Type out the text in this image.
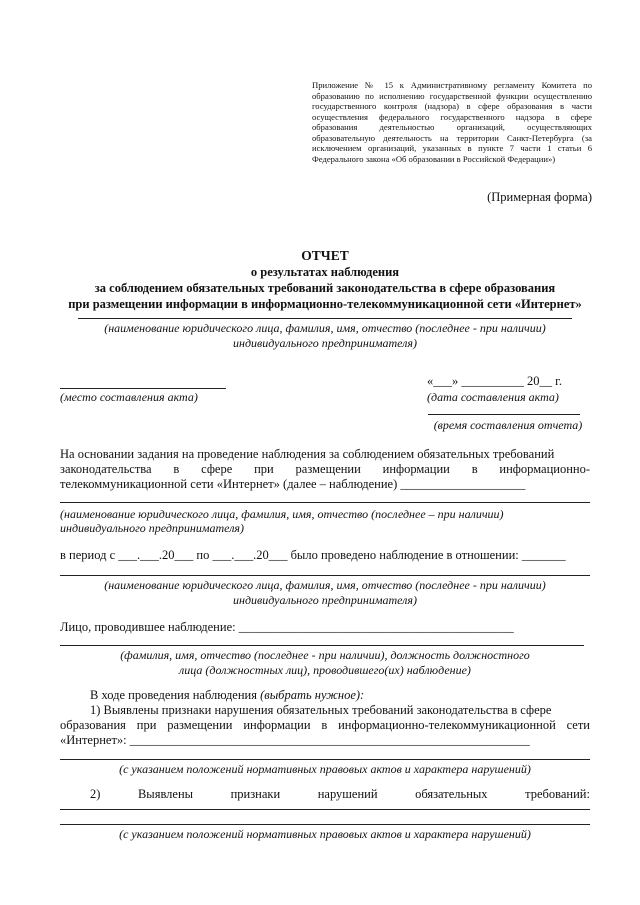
Приложение № 15 к Административному регламенту Комитета по образованию по исполнению государственной функции осуществлению государственного контроля (надзора) в сфере образования в части осуществления федерального государственного надзора в сфере образования деятельностью организаций, осуществляющих образовательную деятельность на территории Санкт-Петербурга (за исключением организаций, указанных в пункте 7 части 1 статьи 6 Федерального закона «Об образовании в Российской Федерации»)
(Примерная форма)
ОТЧЕТ
о результатах наблюдения
за соблюдением обязательных требований законодательства в сфере образования
при размещении информации в информационно-телекоммуникационной сети «Интернет»
(наименование юридического лица, фамилия, имя, отчество (последнее - при наличии)
индивидуального предпринимателя)
(место составления акта)
«___» __________ 20__ г.
(дата составления акта)
(время составления отчета)
На основании задания на проведение наблюдения за соблюдением обязательных требований
законодательства в сфере при размещении информации в информационно-
телекоммуникационной сети «Интернет» (далее – наблюдение) ____________________
(наименование юридического лица, фамилия, имя, отчество (последнее – при наличии)
индивидуального предпринимателя)
в период с ___.___.20___ по ___.___.20___ было проведено наблюдение в отношении: _______
(наименование юридического лица, фамилия, имя, отчество (последнее - при наличии)
индивидуального предпринимателя)
Лицо, проводившее наблюдение: ____________________________________________
(фамилия, имя, отчество (последнее - при наличии), должность должностного
лица (должностных лиц), проводившего(их) наблюдение)
В ходе проведения наблюдения (выбрать нужное):
1) Выявлены признаки нарушения обязательных требований законодательства в сфере
образования при размещении информации в информационно-телекоммуникационной сети
«Интернет»: ________________________________________________________________
(с указанием положений нормативных правовых актов и характера нарушений)
2)	Выявлены	признаки	нарушений	обязательных	требований:
(с указанием положений нормативных правовых актов и характера нарушений)
